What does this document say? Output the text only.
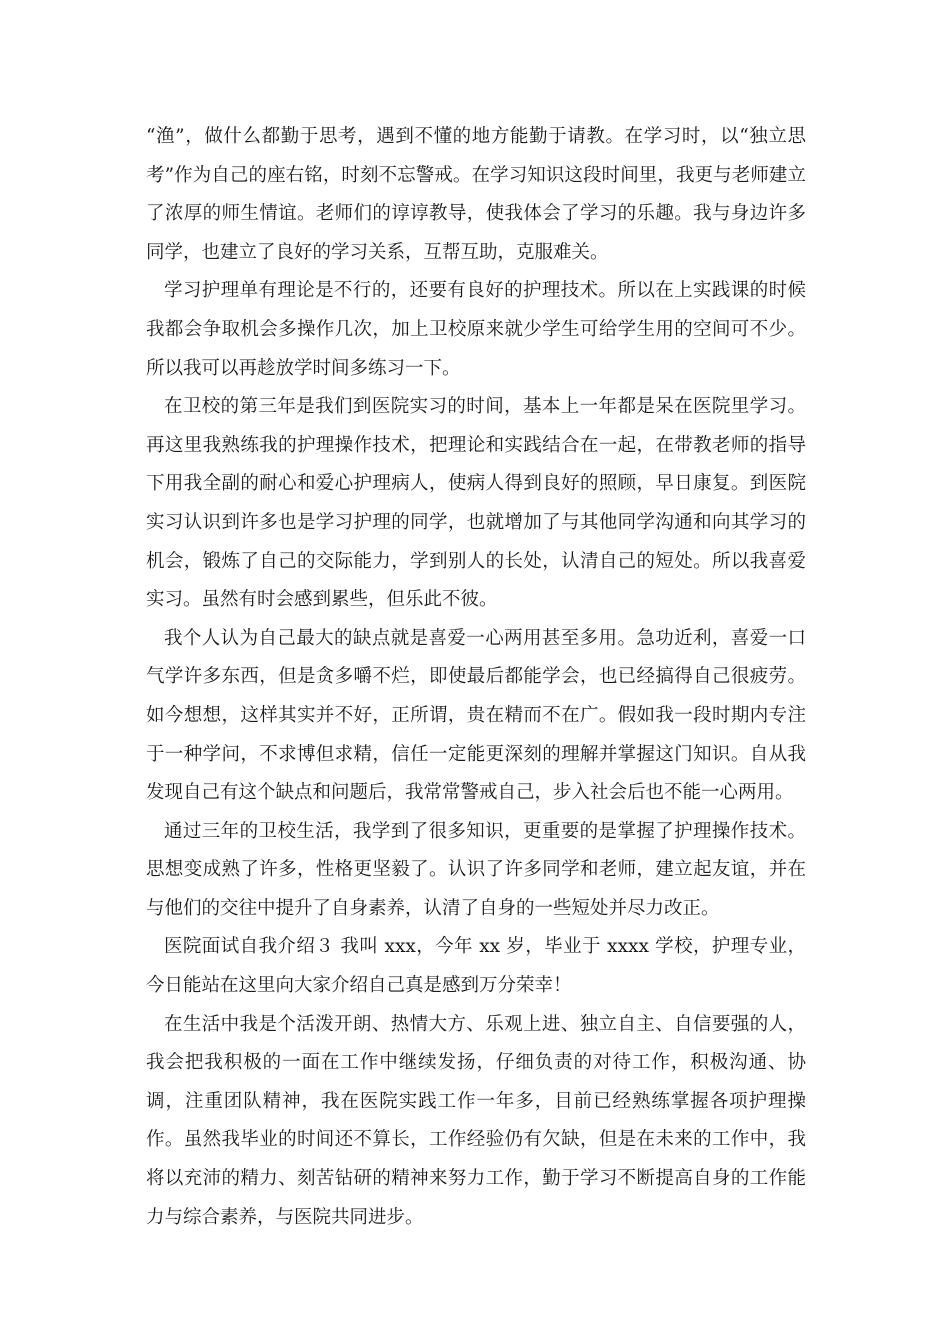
“渔”，做什么都勤于思考，遇到不懂的地方能勤于请教。在学习时，以“独立思考”作为自己的座右铭，时刻不忘警戒。在学习知识这段时间里，我更与老师建立了浓厚的师生情谊。老师们的谆谆教导，使我体会了学习的乐趣。我与身边许多同学，也建立了良好的学习关系，互帮互助，克服难关。

学习护理单有理论是不行的，还要有良好的护理技术。所以在上实践课的时候我都会争取机会多操作几次，加上卫校原来就少学生可给学生用的空间可不少。所以我可以再趁放学时间多练习一下。

在卫校的第三年是我们到医院实习的时间，基本上一年都是呆在医院里学习。再这里我熟练我的护理操作技术，把理论和实践结合在一起，在带教老师的指导下用我全副的耐心和爱心护理病人，使病人得到良好的照顾，早日康复。到医院实习认识到许多也是学习护理的同学，也就增加了与其他同学沟通和向其学习的机会，锻炼了自己的交际能力，学到别人的长处，认清自己的短处。所以我喜爱实习。虽然有时会感到累些，但乐此不彼。

我个人认为自己最大的缺点就是喜爱一心两用甚至多用。急功近利，喜爱一口气学许多东西，但是贪多嚼不烂，即使最后都能学会，也已经搞得自己很疲劳。如今想想，这样其实并不好，正所谓，贵在精而不在广。假如我一段时期内专注于一种学问，不求博但求精，信任一定能更深刻的理解并掌握这门知识。自从我发现自己有这个缺点和问题后，我常常警戒自己，步入社会后也不能一心两用。

通过三年的卫校生活，我学到了很多知识，更重要的是掌握了护理操作技术。思想变成熟了许多，性格更坚毅了。认识了许多同学和老师，建立起友谊，并在与他们的交往中提升了自身素养，认清了自身的一些短处并尽力改正。

医院面试自我介绍３ 我叫 xxx，今年 xx 岁，毕业于 xxxx 学校，护理专业，今日能站在这里向大家介绍自己真是感到万分荣幸！

在生活中我是个活泼开朗、热情大方、乐观上进、独立自主、自信要强的人，我会把我积极的一面在工作中继续发扬，仔细负责的对待工作，积极沟通、协调，注重团队精神，我在医院实践工作一年多，目前已经熟练掌握各项护理操作。虽然我毕业的时间还不算长，工作经验仍有欠缺，但是在未来的工作中，我将以充沛的精力、刻苦钻研的精神来努力工作，勤于学习不断提高自身的工作能力与综合素养，与医院共同进步。
